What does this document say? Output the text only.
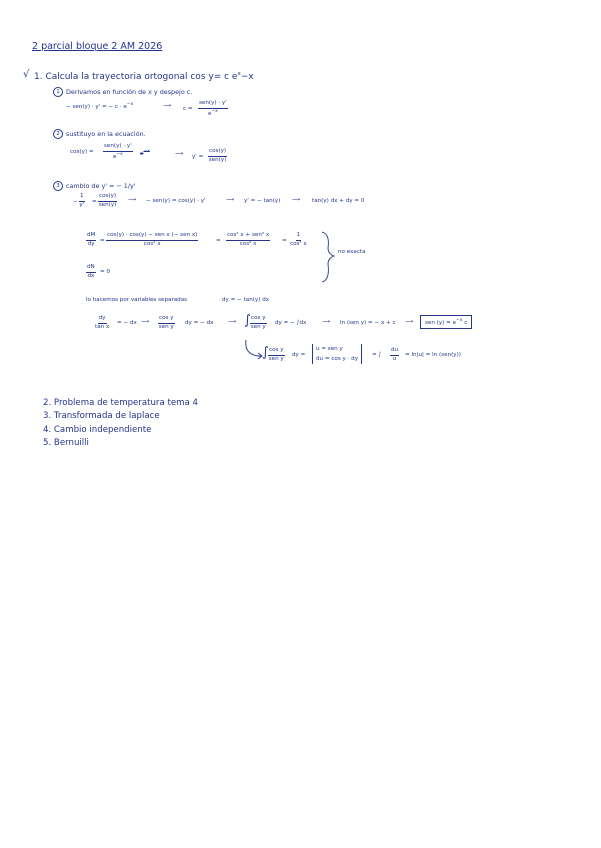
2 parcial bloque 2 AM 2026
√ 1. Calcula la trayectoria ortogonal cos y= c $e^x-x$
1 Derivamos en función de x y despejo c.
− sen(y) · y' = − $c \cdot e^{-x}$	⟶ c =
sen(y) · y'
$e^{-x}$
2 sustituyo en la ecuación.
cos(y) =
sen(y) · y'
$e^{-x}$	$e^{-x}$	⟶ y' =
cos(y)
sen(y)
3 cambio de y' = − 1/y'
− $\frac{1}{y'}$ =
cos(y)
sen(y)
⟶ − sen(y) = cos(y) · y'	⟶ y' = − tan(y) ⟶ tan(y) dx + dy = 0
$\frac{dM}{dy}$ =
cos(y) · cos(y) − sen x (− sen x)
cos² x	=
cos² x + sen² x
cos² x	= $\frac{1}{\text{cos² x}}$
$\frac{dN}{dx} = 0$
no exacta
lo hacemos por variables separadas	dy = − tan(y) dx
$\frac{dy}{\text{tan x}}$ = − dx ⟶
cos y
sen y
dy = − dx	⟶ ∫ cos y
sen y
dy = − ∫dx	⟶ ln (sen y) = − x + c ⟶	sen $(y) = e^{-x}$ c
∫ cos y
sen y
dy =
u = sen y
du = cos y · dy
= ∫ $\frac{du}{u} = \ln|u| = \ln (sen(y))$
2. Problema de temperatura tema 4
3. Transformada de laplace
4. Cambio independiente
5. Bernuilli
